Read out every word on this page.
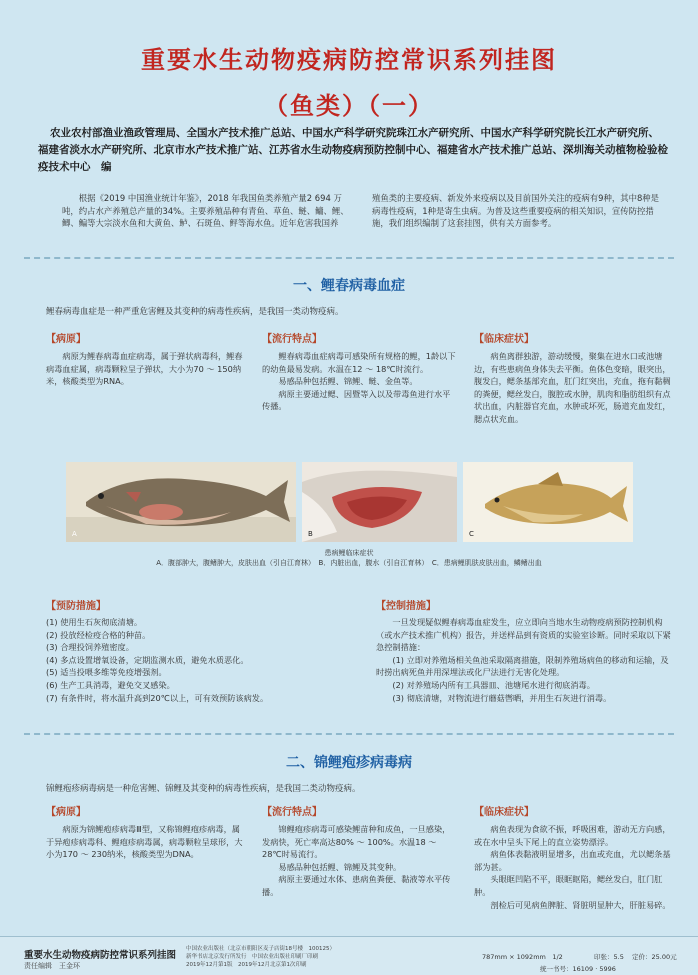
重要水生动物疫病防控常识系列挂图
（鱼类）（一）
农业农村部渔业渔政管理局、全国水产技术推广总站、中国水产科学研究院珠江水产研究所、中国水产科学研究院长江水产研究所、福建省淡水水产研究所、北京市水产技术推广站、江苏省水生动物疫病预防控制中心、福建省水产技术推广总站、深圳海关动植物检验检疫技术中心　编
根据《2019 中国渔业统计年鉴》，2018 年我国鱼类养殖产量2 694 万吨，约占水产养殖总产量的34%。主要养殖品种有青鱼、草鱼、鲢、鳙、鲤、鲫、鳊等大宗淡水鱼和大黄鱼、鲈、石斑鱼、鲆等海水鱼。近年危害我国养
殖鱼类的主要疫病、新发外来疫病以及目前国外关注的疫病有9种，其中8种是病毒性疫病，1种是寄生虫病。为普及这些重要疫病的相关知识，宣传防控措施，我们组织编制了这套挂图，供有关方面参考。
一、鲤春病毒血症
鲤春病毒血症是一种严重危害鲤及其变种的病毒性疾病，是我国一类动物疫病。
【病原】

病原为鲤春病毒血症病毒，属于弹状病毒科，鲤春病毒血症属，病毒颗粒呈子弹状，大小为70 ～ 150纳米，核酸类型为RNA。

【流行特点】

鲤春病毒血症病毒可感染所有规格的鲤，1龄以下的幼鱼最易发病。水温在12 ～ 18℃时流行。

易感品种包括鲤、锦鲤、鲢、金鱼等。

病原主要通过鳃、因暨等入以及带毒鱼进行水平传播。

【临床症状】

病鱼离群独游，游动缓慢，聚集在进水口或池塘边，有些患病鱼身体失去平衡。鱼体色变暗，眼突出，腹发白，鳃条基部充血，肛门红突出，充血，拖有黏稠的粪便，鳃丝发白，腹腔或水肿，肌肉和脂肪组织有点状出血，内脏器官充血，水肿或坏死，肠道充血发红，腮点状充血。

A	B	C
患病鲤临床症状
A．腹部肿大，腹鳍肿大，皮肤出血（引自江育林）　B．内脏出血，腹水（引自江育林）　C．患病鲤肌肤皮肤出血，鳞鳍出血
【预防措施】

(1) 使用生石灰彻底清塘。

(2) 投放经检疫合格的种苗。

(3) 合理投饲养殖密度。

(4) 多点设置增氧设备，定期监测水质，避免水质恶化。

(5) 适当投喂多维等免疫增强剂。

(6) 生产工具消毒，避免交叉感染。

(7) 有条件时，将水温升高到20℃以上，可有效预防该病发。

【控制措施】

一旦发现疑似鲤春病毒血症发生，应立即向当地水生动物疫病预防控制机构（或水产技术推广机构）报告，并送样品到有资质的实验室诊断。同时采取以下紧急控制措施：

(1) 立即对养殖场相关鱼池采取隔离措施，限制养殖场病鱼的移动和运输，及时捞出病死鱼并用深埋法或化尸法进行无害化处理。

(2) 对养殖场内所有工具器皿、池塘尾水进行彻底消毒。

(3) 彻底清塘，对物流进行蘑菇辔晒，并用生石灰进行消毒。

二、锦鲤疱疹病毒病
锦鲤疱疹病毒病是一种危害鲤、锦鲤及其变种的病毒性疾病，是我国二类动物疫病。
【病原】

病原为锦鲤疱疹病毒Ⅲ型，又称锦鲤疱疹病毒，属于异疱疹病毒科、鲤疱疹病毒属，病毒颗粒呈球形，大小为170 ～ 230纳米，核酸类型为DNA。

【流行特点】

锦鲤疱疹病毒可感染鲤苗种和成鱼，一旦感染，发病快，死亡率高达80% ～ 100%。水温18 ～ 28℃时易流行。

易感品种包括鲤、锦鲤及其变种。

病原主要通过水体、患病鱼粪便、黏液等水平传播。

【临床症状】

病鱼表现为食欲不振，呼吸困难，游动无方向感，或在水中呈头下尾上的直立姿势漂浮。

病鱼体表黏液明显增多，出血或充血，尤以鳃条基部为甚。

头眼眶凹陷不平，眼眶眍陷，鳃丝发白，肛门肛肿。

剖检后可见病鱼脾脏、肾脏明显肿大，肝脏易碎。

重要水生动物疫病防控常识系列挂图
责任编辑　王金环
中国农业出版社（北京市朝阳区麦子店街18号楼　100125）
新华书店北京发行所发行　中国农业出版社印刷厂印刷
2019年12月第1版　2019年12月北京第1次印刷
787mm × 1092mm　1/2	印张：5.5 定价：25.00元
统一书号：16109 · 5996
